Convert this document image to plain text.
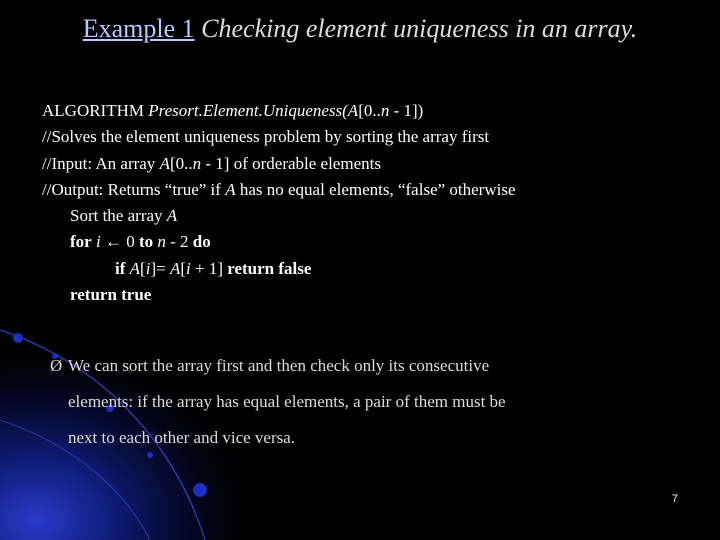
Example 1 Checking element uniqueness in an array.
ALGORITHM Presort.Element.Uniqueness(A[0..n - 1])
//Solves the element uniqueness problem by sorting the array first
//Input: An array A[0..n - 1] of orderable elements
//Output: Returns “true” if A has no equal elements, “false” otherwise
Sort the array A
for i ← 0 to n - 2 do
if A[i]= A[i + 1] return false
return true
Ø We can sort the array first and then check only its consecutive
elements: if the array has equal elements, a pair of them must be
next to each other and vice versa.
7
